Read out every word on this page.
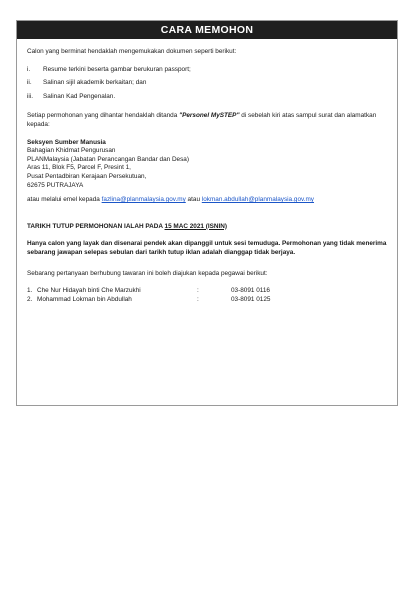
CARA MEMOHON

Calon yang berminat hendaklah mengemukakan dokumen seperti berikut:

i.	Resume terkini beserta gambar berukuran passport;
ii.	Salinan sijil akademik berkaitan; dan
iii.	Salinan Kad Pengenalan.

Setiap permohonan yang dihantar hendaklah ditanda "Personel MySTEP" di sebelah kiri atas sampul surat dan alamatkan kepada:

Seksyen Sumber Manusia

Bahagian Khidmat Pengurusan

PLANMalaysia (Jabatan Perancangan Bandar dan Desa)

Aras 11, Blok F5, Parcel F, Presint 1,

Pusat Pentadbiran Kerajaan Persekutuan,

62675 PUTRAJAYA

atau melalui emel kepada fazlina@planmalaysia.gov.my atau lokman.abdullah@planmalaysia.gov.my

TARIKH TUTUP PERMOHONAN IALAH PADA 15 MAC 2021 (ISNIN)

Hanya calon yang layak dan disenarai pendek akan dipanggil untuk sesi temuduga. Permohonan yang tidak menerima sebarang jawapan selepas sebulan dari tarikh tutup iklan adalah dianggap tidak berjaya.

Sebarang pertanyaan berhubung tawaran ini boleh diajukan kepada pegawai berikut:

1. Che Nur Hidayah binti Che Marzukhi	:	03-8091 0116
2. Mohammad Lokman bin Abdullah	:	03-8091 0125
